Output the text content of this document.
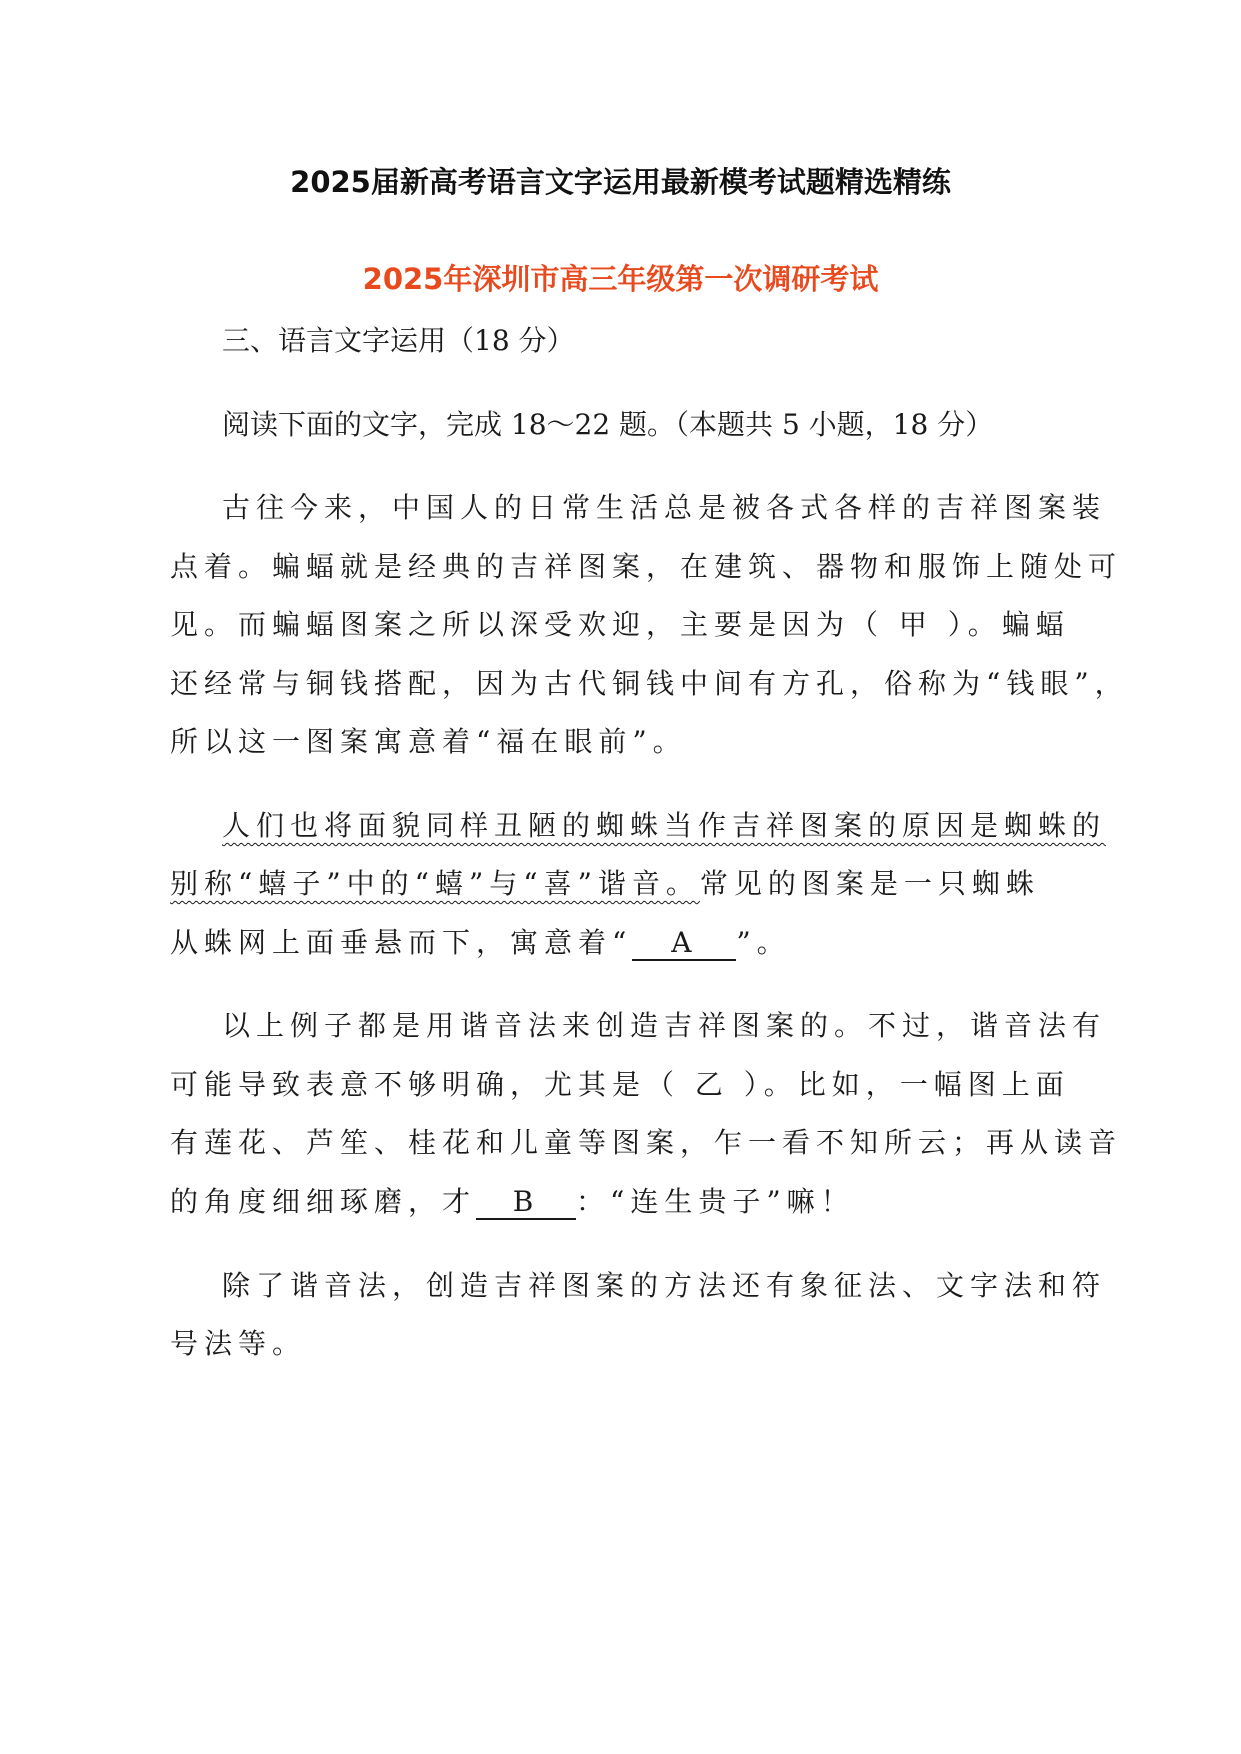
2025届新高考语言文字运用最新模考试题精选精练
2025年深圳市高三年级第一次调研考试
三、语言文字运用（18 分）
阅读下面的文字，完成 18～22 题。（本题共 5 小题，18 分）
古往今来，中国人的日常生活总是被各式各样的吉祥图案装
点着。蝙蝠就是经典的吉祥图案，在建筑、器物和服饰上随处可
见。而蝙蝠图案之所以深受欢迎，主要是因为（ 甲 ）。蝙蝠
还经常与铜钱搭配，因为古代铜钱中间有方孔，俗称为“钱眼”，
所以这一图案寓意着“福在眼前”。
人们也将面貌同样丑陋的蜘蛛当作吉祥图案的原因是蜘蛛的
别称“蟢子”中的“蟢”与“喜”谐音。常见的图案是一只蜘蛛
从蛛网上面垂悬而下，寓意着“ A ”。
以上例子都是用谐音法来创造吉祥图案的。不过，谐音法有
可能导致表意不够明确，尤其是（ 乙 ）。比如，一幅图上面
有莲花、芦笙、桂花和儿童等图案，乍一看不知所云；再从读音
的角度细细琢磨，才 B ：“连生贵子”嘛！
除了谐音法，创造吉祥图案的方法还有象征法、文字法和符
号法等。
